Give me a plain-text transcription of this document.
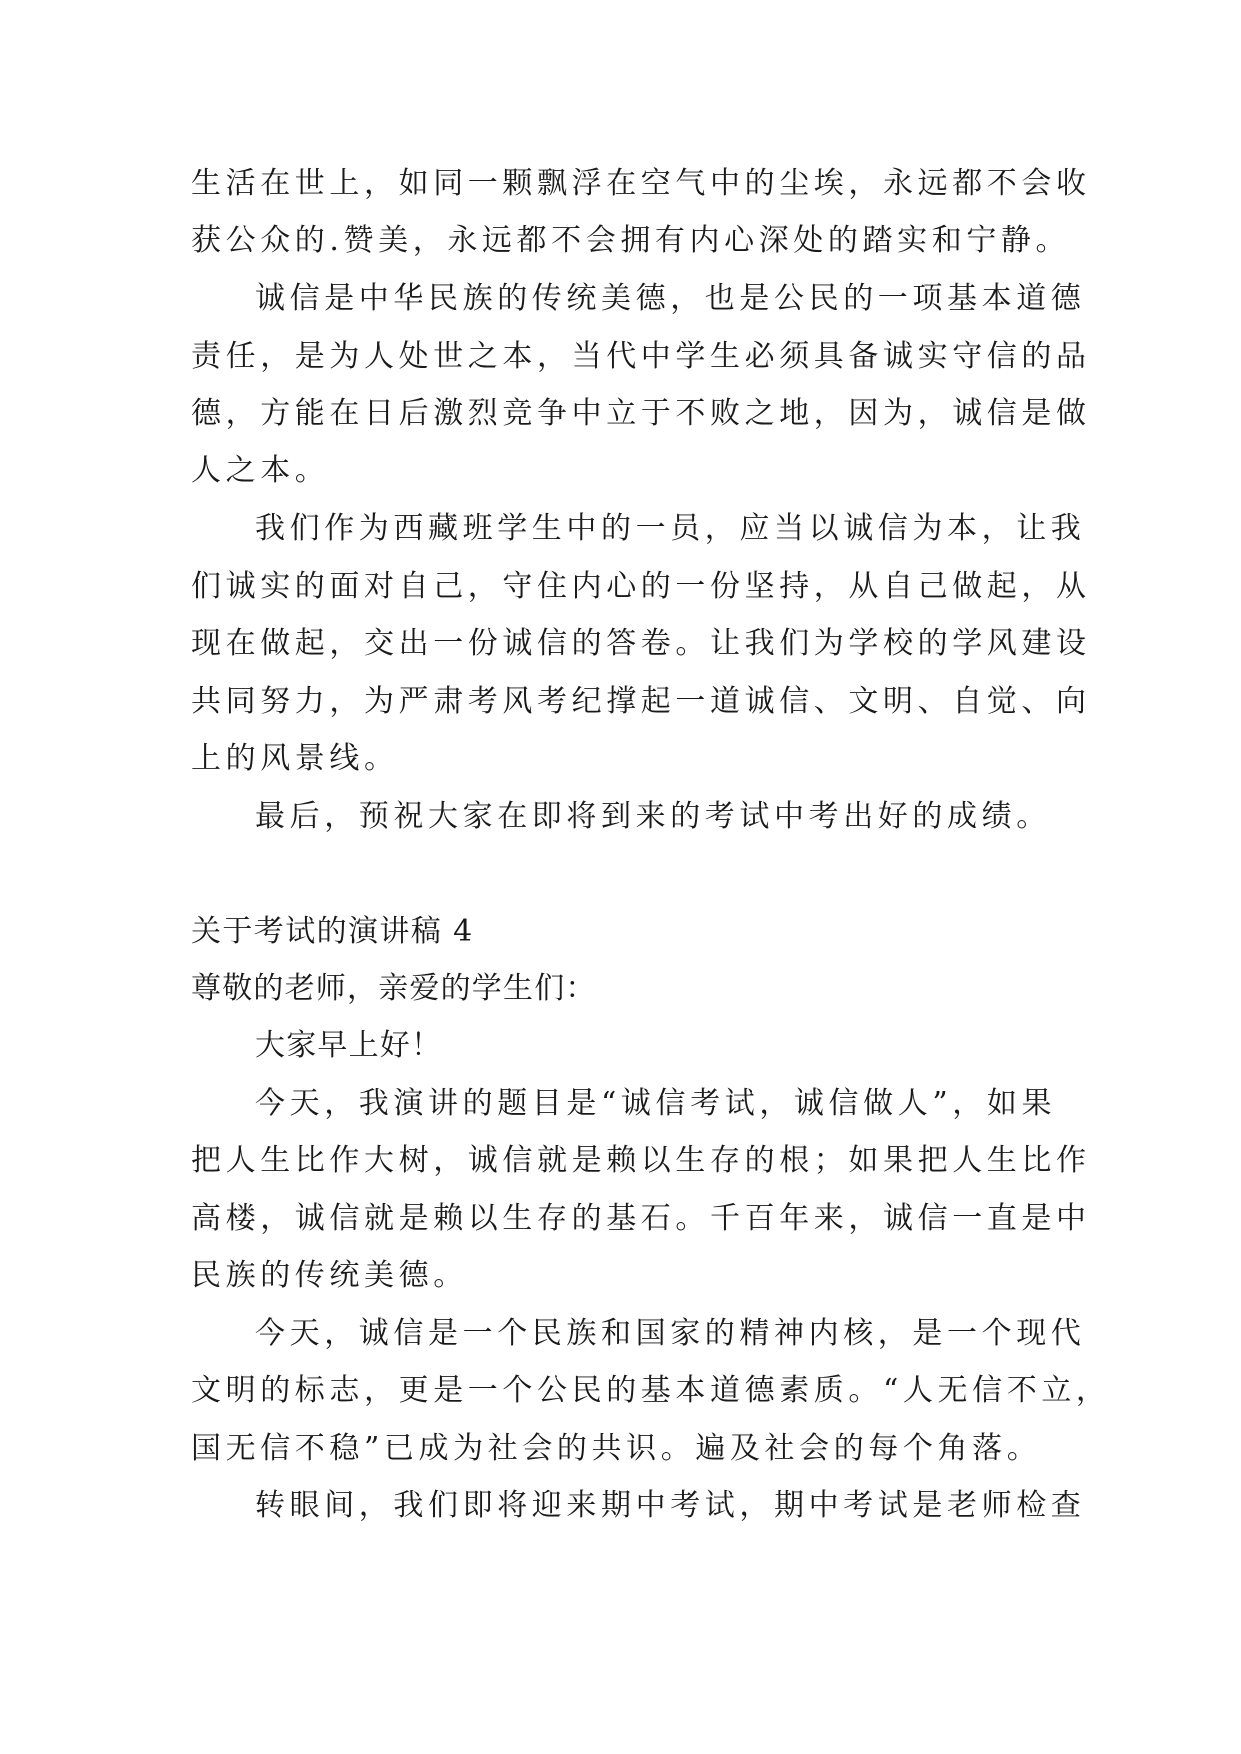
生活在世上，如同一颗飘浮在空气中的尘埃，永远都不会收
获公众的.赞美，永远都不会拥有内心深处的踏实和宁静。
诚信是中华民族的传统美德，也是公民的一项基本道德
责任，是为人处世之本，当代中学生必须具备诚实守信的品
德，方能在日后激烈竞争中立于不败之地，因为，诚信是做
人之本。
我们作为西藏班学生中的一员，应当以诚信为本，让我
们诚实的面对自己，守住内心的一份坚持，从自己做起，从
现在做起，交出一份诚信的答卷。让我们为学校的学风建设
共同努力，为严肃考风考纪撑起一道诚信、文明、自觉、向
上的风景线。
最后，预祝大家在即将到来的考试中考出好的成绩。
关于考试的演讲稿 4
尊敬的老师，亲爱的学生们：
大家早上好！
今天，我演讲的题目是“诚信考试，诚信做人”，如果
把人生比作大树，诚信就是赖以生存的根；如果把人生比作
高楼，诚信就是赖以生存的基石。千百年来，诚信一直是中
民族的传统美德。
今天，诚信是一个民族和国家的精神内核，是一个现代
文明的标志，更是一个公民的基本道德素质。“人无信不立，
国无信不稳”已成为社会的共识。遍及社会的每个角落。
转眼间，我们即将迎来期中考试，期中考试是老师检查
